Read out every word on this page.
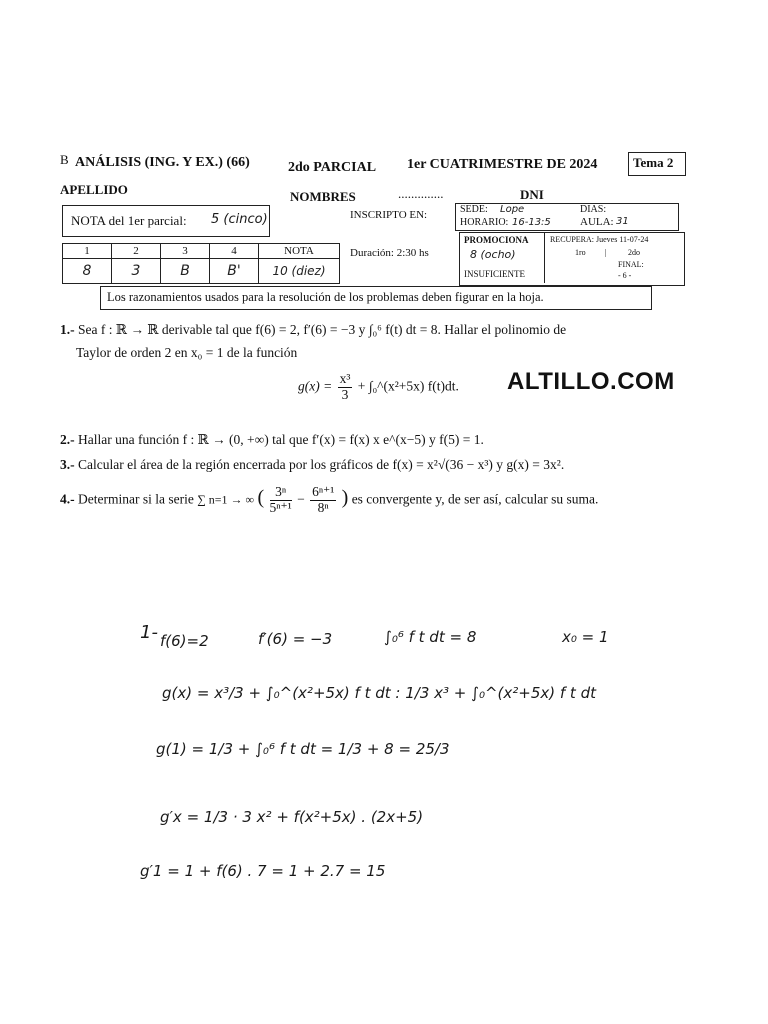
B ANÁLISIS (ING. Y EX.) (66)	2do PARCIAL 1er CUATRIMESTRE DE 2024	Tema 2
APELLIDO	NOMBRES	..............	DNI
NOTA del 1er parcial: 5 (cinco)	INSCRIPTO EN:	SEDE: Lope	DIAS:
HORARIO: 16-13:5	AULA: 31
1	2	3	4	NOTA
8	3	B	B'	10 (diez)
Duración: 2:30 hs
PROMOCIONA
8 (ocho)
INSUFICIENTE
RECUPERA: Jueves 11-07-24
1ro |	2do
FINAL:
- 6 -
Los razonamientos usados para la resolución de los problemas deben figurar en la hoja.
1.- Sea f : ℝ → ℝ derivable tal que f(6) = 2, f′(6) = −3 y ∫₀⁶ f(t) dt = 8. Hallar el polinomio de
Taylor de orden 2 en x₀ = 1 de la función
$g(x) = \frac{\text{x³}}{3}$ + ∫₀^(x²+5x) f(t)dt. ALTILLO.COM
2.- Hallar una función f : ℝ → (0, +∞) tal que f′(x) = f(x) x e^(x−5) y f(5) = 1.
3.- Calcular el área de la región encerrada por los gráficos de f(x) = x²√(36 − x³) y g(x) = 3x².
4.- Determinar si la serie ∑ n=1 → ∞ ( $\frac{\text{3ⁿ}}{\text{5ⁿ⁺¹}} - \frac{\text{6ⁿ⁺¹}}{\text{8ⁿ}}$ ) es convergente y, de ser así, calcular su suma.
1- f(6)=2	f′(6) = −3	∫₀⁶ f t dt = 8	x₀ = 1
g(x) = x³/3 + ∫₀^(x²+5x) f t dt : 1/3 x³ + ∫₀^(x²+5x) f t dt
g(1) = 1/3 + ∫₀⁶ f t dt = 1/3 + 8 = 25/3
g′x = 1/3 · 3 x² + f(x²+5x) . (2x+5)
g′1 = 1 + f(6) . 7 = 1 + 2.7 = 15
